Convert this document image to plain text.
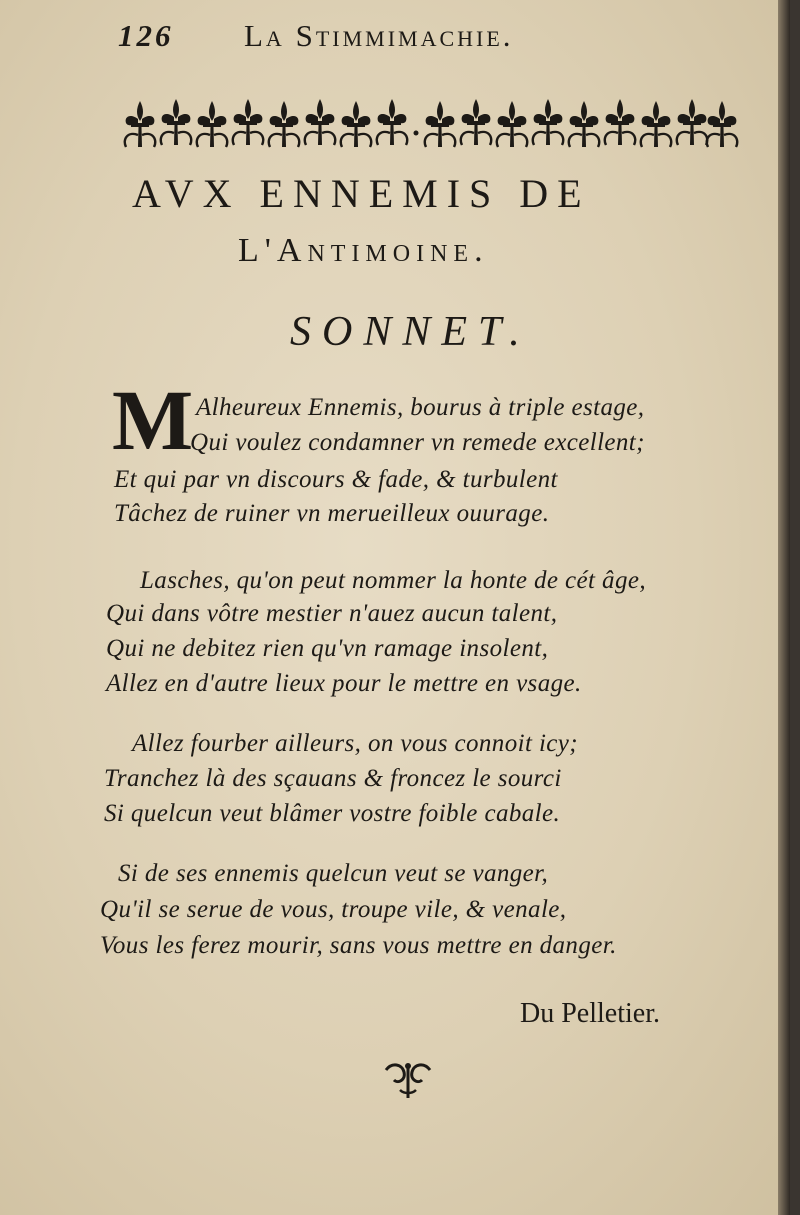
126 La Stimmimachie.
AVX ENNEMIS DE
L'Antimoine.
SONNET.
M Alheureux Ennemis, bourus à triple estage,
Qui voulez condamner vn remede excellent;
Et qui par vn discours & fade, & turbulent
Tâchez de ruiner vn merueilleux ouurage.
Lasches, qu'on peut nommer la honte de cét âge,
Qui dans vôtre mestier n'auez aucun talent,
Qui ne debitez rien qu'vn ramage insolent,
Allez en d'autre lieux pour le mettre en vsage.
Allez fourber ailleurs, on vous connoit icy;
Tranchez là des sçauans & froncez le sourci
Si quelcun veut blâmer vostre foible cabale.
Si de ses ennemis quelcun veut se vanger,
Qu'il se serue de vous, troupe vile, & venale,
Vous les ferez mourir, sans vous mettre en danger.
Du Pelletier.
